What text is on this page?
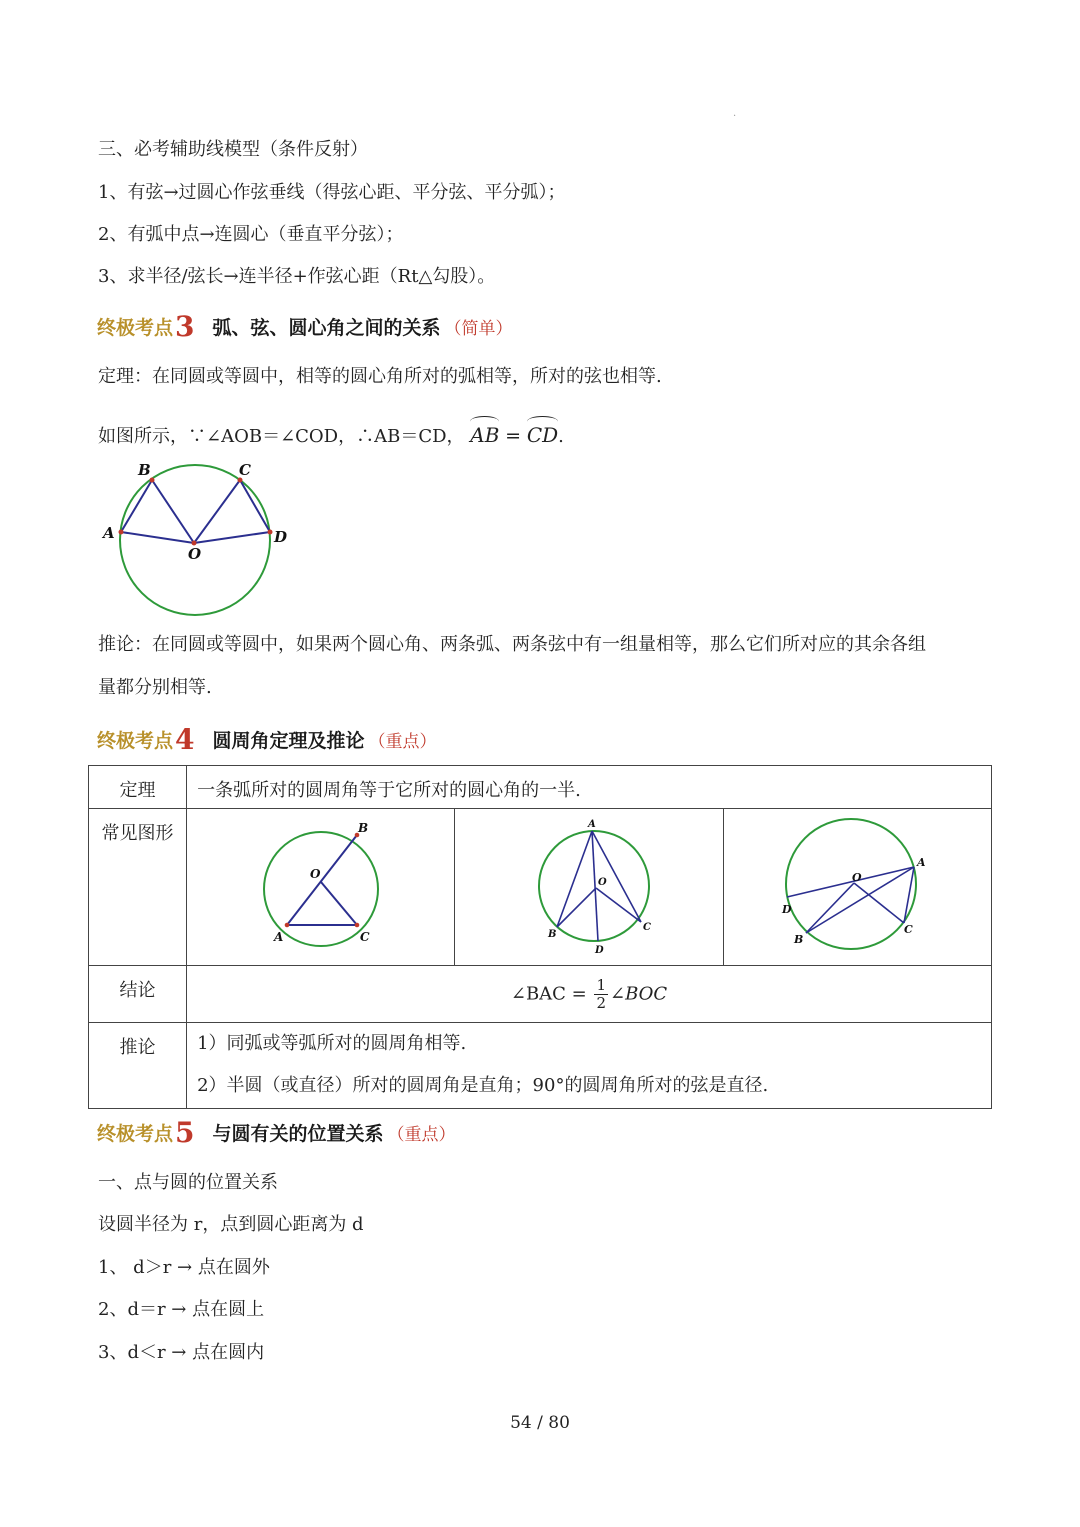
.
三、必考辅助线模型（条件反射）
1、有弦→过圆心作弦垂线（得弦心距、平分弦、平分弧）；
2、有弧中点→连圆心（垂直平分弦）；
3、求半径/弦长→连半径+作弦心距（Rt△勾股）。
终极考点3 弧、弦、圆心角之间的关系 （简单）
定理：在同圆或等圆中，相等的圆心角所对的弧相等，所对的弦也相等.
如图所示，∵∠AOB＝∠COD，∴AB＝CD， AB = CD.
A
B	C
D
O
推论：在同圆或等圆中，如果两个圆心角、两条弧、两条弦中有一组量相等，那么它们所对应的其余各组
量都分别相等.
终极考点4 圆周角定理及推论 （重点）
定理	一条弧所对的圆周角等于它所对的圆心角的一半.		
常见图形	A
B
C
O	A
B
C
D
O	A
B
C
D
O

结论	∠BAC = $\frac{1}{2}$ ∠BOC		
推论	1）同弧或等弧所对的圆周角相等.
2）半圆（或直径）所对的圆周角是直角；90°的圆周角所对的弦是直径.		
终极考点5 与圆有关的位置关系 （重点）
一、点与圆的位置关系
设圆半径为 r，点到圆心距离为 d
1、 d＞r → 点在圆外
2、d＝r → 点在圆上
3、d＜r → 点在圆内
54 / 80
